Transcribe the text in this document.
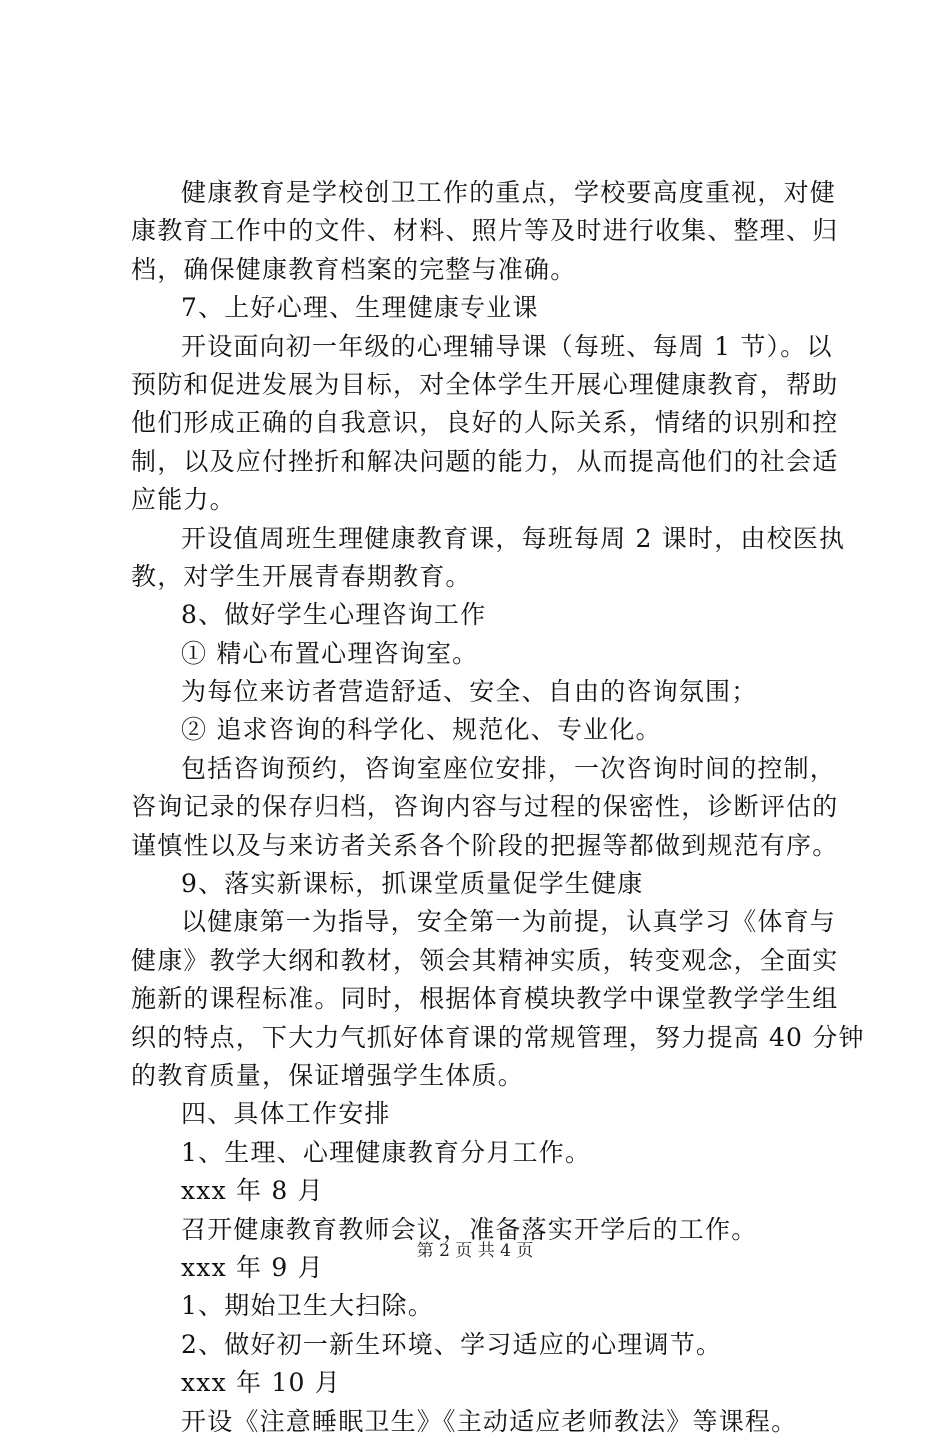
健康教育是学校创卫工作的重点，学校要高度重视，对健
康教育工作中的文件、材料、照片等及时进行收集、整理、归
档，确保健康教育档案的完整与准确。
7、上好心理、生理健康专业课
开设面向初一年级的心理辅导课（每班、每周 1 节）。以
预防和促进发展为目标，对全体学生开展心理健康教育，帮助
他们形成正确的自我意识，良好的人际关系，情绪的识别和控
制，以及应付挫折和解决问题的能力，从而提高他们的社会适
应能力。
开设值周班生理健康教育课，每班每周 2 课时，由校医执
教，对学生开展青春期教育。
8、做好学生心理咨询工作
① 精心布置心理咨询室。
为每位来访者营造舒适、安全、自由的咨询氛围；
② 追求咨询的科学化、规范化、专业化。
包括咨询预约，咨询室座位安排，一次咨询时间的控制，
咨询记录的保存归档，咨询内容与过程的保密性，诊断评估的
谨慎性以及与来访者关系各个阶段的把握等都做到规范有序。
9、落实新课标，抓课堂质量促学生健康
以健康第一为指导，安全第一为前提，认真学习《体育与
健康》教学大纲和教材，领会其精神实质，转变观念，全面实
施新的课程标准。同时，根据体育模块教学中课堂教学学生组
织的特点，下大力气抓好体育课的常规管理，努力提高 40 分钟
的教育质量，保证增强学生体质。
四、具体工作安排
1、生理、心理健康教育分月工作。
xxx 年 8 月
召开健康教育教师会议，准备落实开学后的工作。
xxx 年 9 月
1、期始卫生大扫除。
2、做好初一新生环境、学习适应的心理调节。
xxx 年 10 月
开设《注意睡眠卫生》《主动适应老师教法》等课程。
第 2 页 共 4 页
